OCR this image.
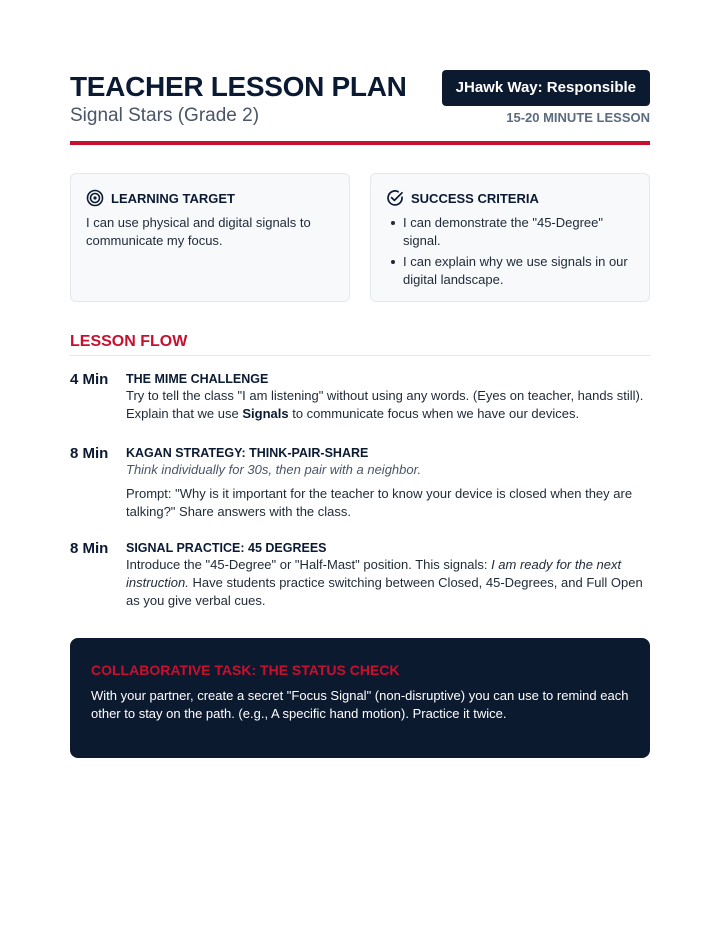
TEACHER LESSON PLAN
Signal Stars (Grade 2)
JHawk Way: Responsible
15-20 MINUTE LESSON
LEARNING TARGET
I can use physical and digital signals to communicate my focus.
SUCCESS CRITERIA
I can demonstrate the "45-Degree" signal.
I can explain why we use signals in our digital landscape.
LESSON FLOW
4 Min THE MIME CHALLENGE
Try to tell the class "I am listening" without using any words. (Eyes on teacher, hands still). Explain that we use Signals to communicate focus when we have our devices.
8 Min KAGAN STRATEGY: THINK-PAIR-SHARE
Think individually for 30s, then pair with a neighbor.
Prompt: "Why is it important for the teacher to know your device is closed when they are talking?" Share answers with the class.
8 Min SIGNAL PRACTICE: 45 DEGREES
Introduce the "45-Degree" or "Half-Mast" position. This signals: I am ready for the next instruction. Have students practice switching between Closed, 45-Degrees, and Full Open as you give verbal cues.
COLLABORATIVE TASK: THE STATUS CHECK
With your partner, create a secret "Focus Signal" (non-disruptive) you can use to remind each other to stay on the path. (e.g., A specific hand motion). Practice it twice.
